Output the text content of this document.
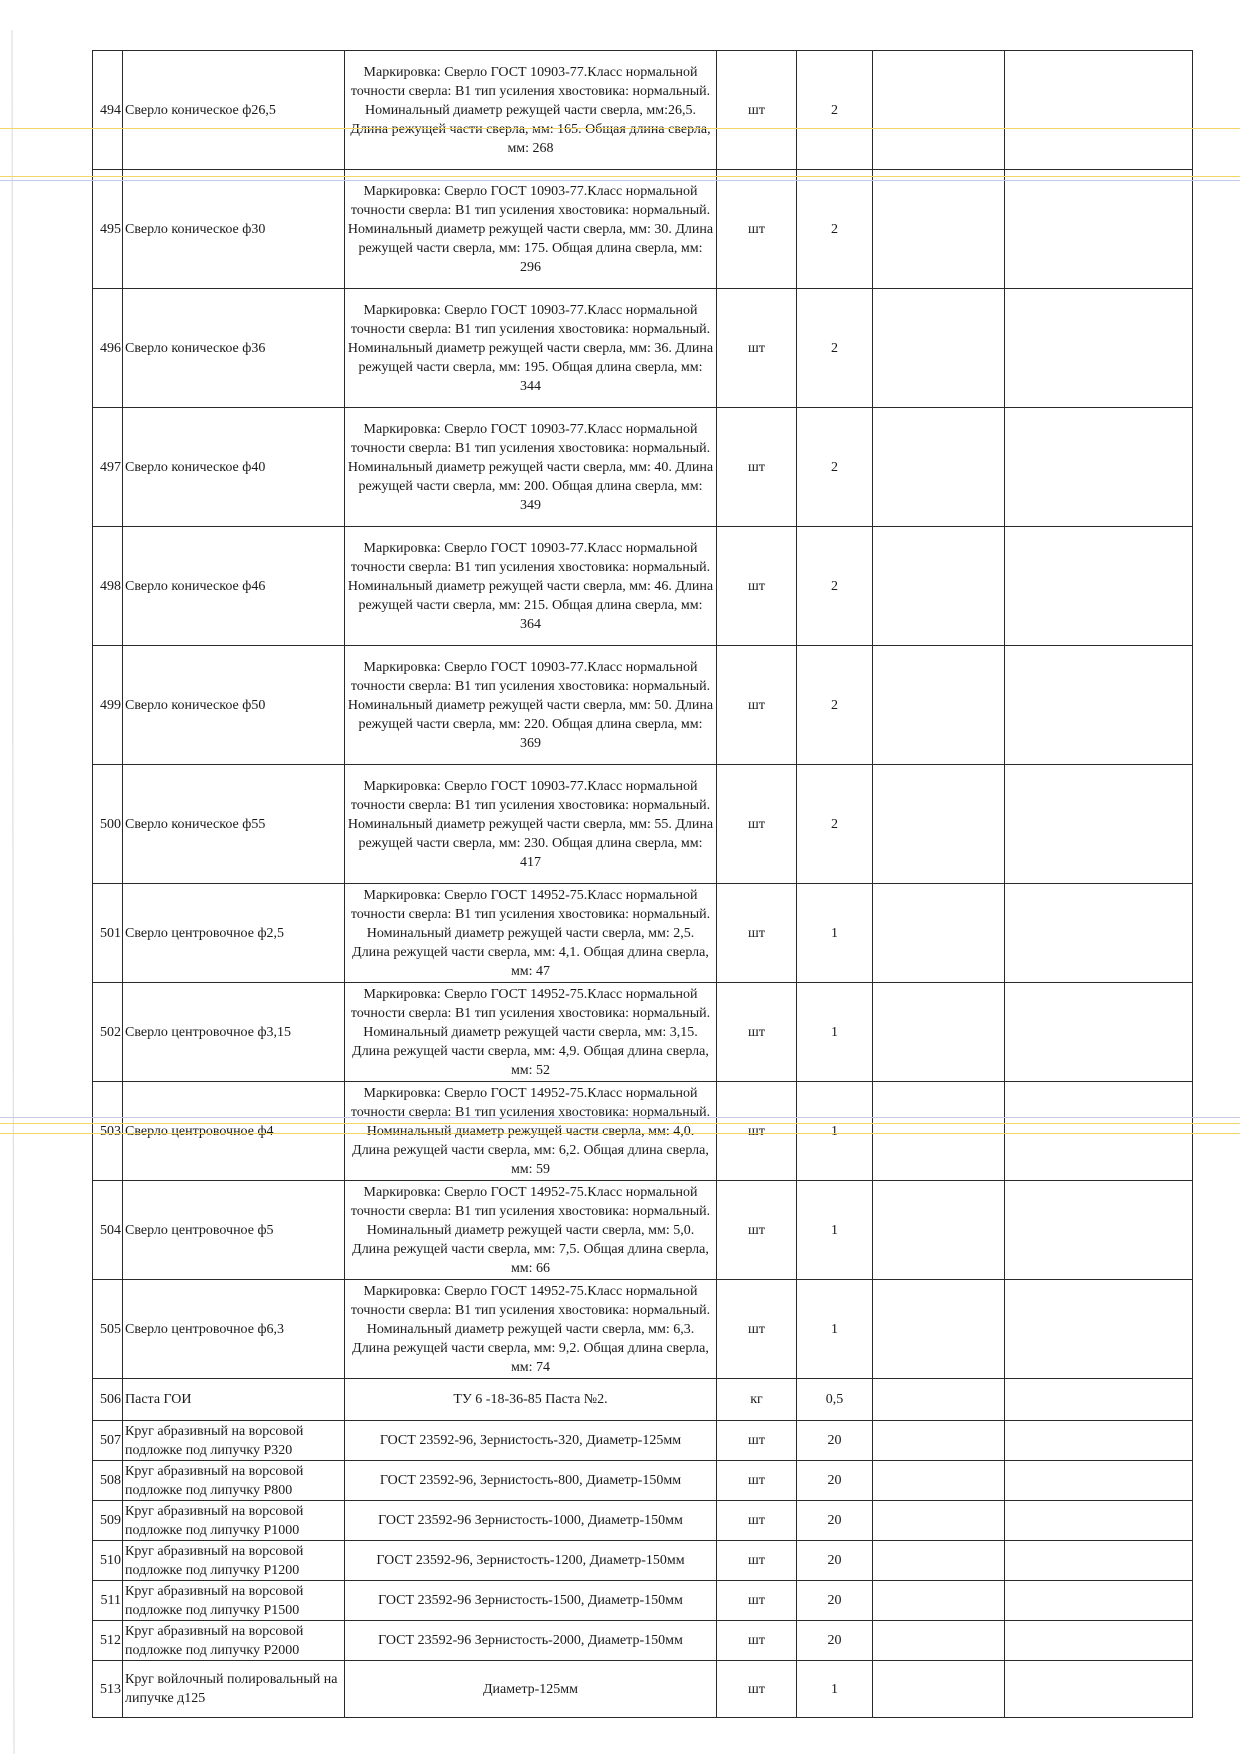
494	Сверло коническое ф26,5	Маркировка: Сверло ГОСТ 10903-77.Класс нормальной точности сверла: В1 тип усиления хвостовика: нормальный. Номинальный диаметр режущей части сверла, мм:26,5. Длина режущей части сверла, мм: 165. Общая длина сверла, мм: 268	шт	2		
495	Сверло коническое ф30	Маркировка: Сверло ГОСТ 10903-77.Класс нормальной точности сверла: В1 тип усиления хвостовика: нормальный. Номинальный диаметр режущей части сверла, мм: 30. Длина режущей части сверла, мм: 175. Общая длина сверла, мм: 296	шт	2		
496	Сверло коническое ф36	Маркировка: Сверло ГОСТ 10903-77.Класс нормальной точности сверла: В1 тип усиления хвостовика: нормальный. Номинальный диаметр режущей части сверла, мм: 36. Длина режущей части сверла, мм: 195. Общая длина сверла, мм: 344	шт	2		
497	Сверло коническое ф40	Маркировка: Сверло ГОСТ 10903-77.Класс нормальной точности сверла: В1 тип усиления хвостовика: нормальный. Номинальный диаметр режущей части сверла, мм: 40. Длина режущей части сверла, мм: 200. Общая длина сверла, мм: 349	шт	2		
498	Сверло коническое ф46	Маркировка: Сверло ГОСТ 10903-77.Класс нормальной точности сверла: В1 тип усиления хвостовика: нормальный. Номинальный диаметр режущей части сверла, мм: 46. Длина режущей части сверла, мм: 215. Общая длина сверла, мм: 364	шт	2		
499	Сверло коническое ф50	Маркировка: Сверло ГОСТ 10903-77.Класс нормальной точности сверла: В1 тип усиления хвостовика: нормальный. Номинальный диаметр режущей части сверла, мм: 50. Длина режущей части сверла, мм: 220. Общая длина сверла, мм: 369	шт	2		
500	Сверло коническое ф55	Маркировка: Сверло ГОСТ 10903-77.Класс нормальной точности сверла: В1 тип усиления хвостовика: нормальный. Номинальный диаметр режущей части сверла, мм: 55. Длина режущей части сверла, мм: 230. Общая длина сверла, мм: 417	шт	2		
501	Сверло центровочное ф2,5	Маркировка: Сверло ГОСТ 14952-75.Класс нормальной точности сверла: В1 тип усиления хвостовика: нормальный. Номинальный диаметр режущей части сверла, мм: 2,5. Длина режущей части сверла, мм: 4,1. Общая длина сверла, мм: 47	шт	1		
502	Сверло центровочное ф3,15	Маркировка: Сверло ГОСТ 14952-75.Класс нормальной точности сверла: В1 тип усиления хвостовика: нормальный. Номинальный диаметр режущей части сверла, мм: 3,15. Длина режущей части сверла, мм: 4,9. Общая длина сверла, мм: 52	шт	1		
503	Сверло центровочное ф4	Маркировка: Сверло ГОСТ 14952-75.Класс нормальной точности сверла: В1 тип усиления хвостовика: нормальный. Номинальный диаметр режущей части сверла, мм: 4,0. Длина режущей части сверла, мм: 6,2. Общая длина сверла, мм: 59	шт	1		
504	Сверло центровочное ф5	Маркировка: Сверло ГОСТ 14952-75.Класс нормальной точности сверла: В1 тип усиления хвостовика: нормальный. Номинальный диаметр режущей части сверла, мм: 5,0. Длина режущей части сверла, мм: 7,5. Общая длина сверла, мм: 66	шт	1		
505	Сверло центровочное ф6,3	Маркировка: Сверло ГОСТ 14952-75.Класс нормальной точности сверла: В1 тип усиления хвостовика: нормальный. Номинальный диаметр режущей части сверла, мм: 6,3. Длина режущей части сверла, мм: 9,2. Общая длина сверла, мм: 74	шт	1		
506	Паста ГОИ	ТУ 6 -18-36-85 Паста №2.	кг	0,5		
507	Круг абразивный на ворсовой подложке под липучку Р320	ГОСТ 23592-96, Зернистость-320, Диаметр-125мм	шт	20		
508	Круг абразивный на ворсовой подложке под липучку Р800	ГОСТ 23592-96, Зернистость-800, Диаметр-150мм	шт	20		
509	Круг абразивный на ворсовой подложке под липучку Р1000	ГОСТ 23592-96 Зернистость-1000, Диаметр-150мм	шт	20		
510	Круг абразивный на ворсовой подложке под липучку Р1200	ГОСТ 23592-96, Зернистость-1200, Диаметр-150мм	шт	20		
511	Круг абразивный на ворсовой подложке под липучку Р1500	ГОСТ 23592-96 Зернистость-1500, Диаметр-150мм	шт	20		
512	Круг абразивный на ворсовой подложке под липучку Р2000	ГОСТ 23592-96 Зернистость-2000, Диаметр-150мм	шт	20		
513	Круг войлочный полировальный на липучке д125	Диаметр-125мм	шт	1		
